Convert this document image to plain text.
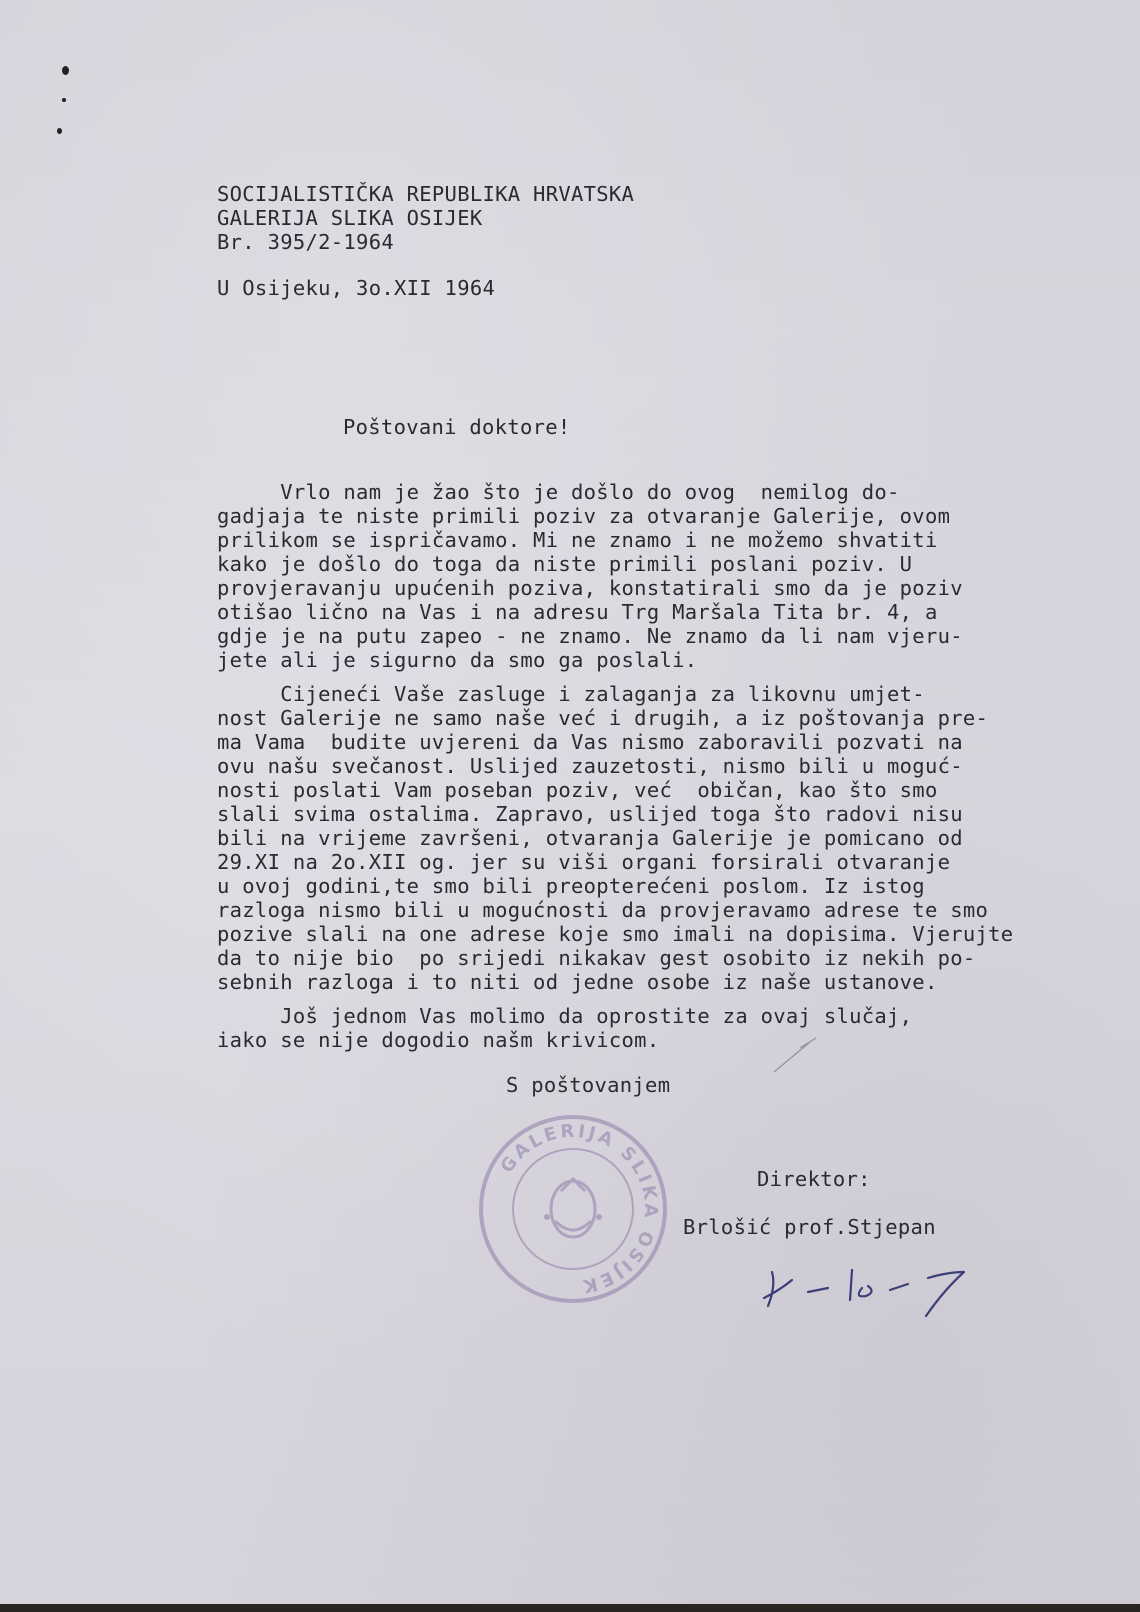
SOCIJALISTIČKA REPUBLIKA HRVATSKA

GALERIJA SLIKA OSIJEK

Br. 395/2-1964

U Osijeku, 3o.XII 1964

Poštovani doktore!

Vrlo nam je žao što je došlo do ovog  nemilog do-

gadjaja te niste primili poziv za otvaranje Galerije, ovom

prilikom se ispričavamo. Mi ne znamo i ne možemo shvatiti

kako je došlo do toga da niste primili poslani poziv. U

provjeravanju upućenih poziva, konstatirali smo da je poziv

otišao lično na Vas i na adresu Trg Maršala Tita br. 4, a

gdje je na putu zapeo - ne znamo. Ne znamo da li nam vjeru-

jete ali je sigurno da smo ga poslali.

Cijeneći Vaše zasluge i zalaganja za likovnu umjet-

nost Galerije ne samo naše već i drugih, a iz poštovanja pre-

ma Vama  budite uvjereni da Vas nismo zaboravili pozvati na

ovu našu svečanost. Uslijed zauzetosti, nismo bili u moguć-

nosti poslati Vam poseban poziv, već  običan, kao što smo

slali svima ostalima. Zapravo, uslijed toga što radovi nisu

bili na vrijeme završeni, otvaranja Galerije je pomicano od

29.XI na 2o.XII og. jer su viši organi forsirali otvaranje

u ovoj godini,te smo bili preopterećeni poslom. Iz istog

razloga nismo bili u mogućnosti da provjeravamo adrese te smo

pozive slali na one adrese koje smo imali na dopisima. Vjerujte

da to nije bio  po srijedi nikakav gest osobito iz nekih po-

sebnih razloga i to niti od jedne osobe iz naše ustanove.

Još jednom Vas molimo da oprostite za ovaj slučaj,

iako se nije dogodio našm krivicom.

S poštovanjem

Direktor:

Brlošić prof.Stjepan

GALERIJA SLIKA OSIJEK
